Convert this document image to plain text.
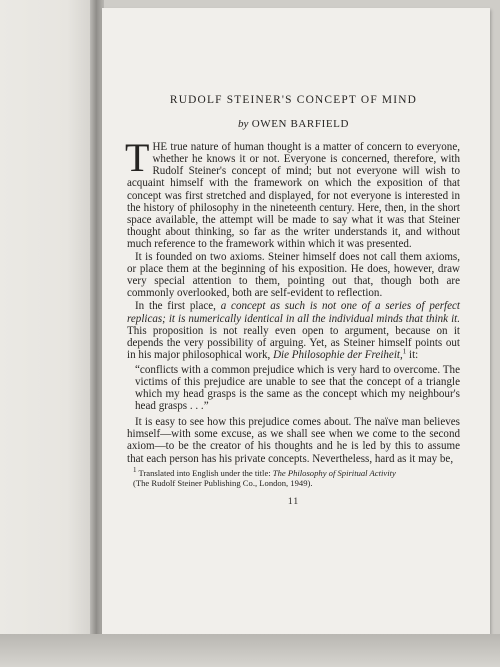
RUDOLF STEINER'S CONCEPT OF MIND
by OWEN BARFIELD

THE true nature of human thought is a matter of concern to everyone, whether he knows it or not. Everyone is concerned, therefore, with Rudolf Steiner's concept of mind; but not everyone will wish to acquaint himself with the framework on which the exposition of that concept was first stretched and displayed, for not everyone is interested in the history of philosophy in the nineteenth century. Here, then, in the short space available, the attempt will be made to say what it was that Steiner thought about thinking, so far as the writer understands it, and without much reference to the framework within which it was presented.

It is founded on two axioms. Steiner himself does not call them axioms, or place them at the beginning of his exposition. He does, however, draw very special attention to them, pointing out that, though both are commonly overlooked, both are self-evident to reflection.

In the first place, a concept as such is not one of a series of perfect replicas; it is numerically identical in all the individual minds that think it. This proposition is not really even open to argument, because on it depends the very possibility of arguing. Yet, as Steiner himself points out in his major philosophical work, Die Philosophie der Freiheit,$^1$ it:

“conflicts with a common prejudice which is very hard to overcome. The victims of this prejudice are unable to see that the concept of a triangle which my head grasps is the same as the concept which my neighbour's head grasps . . .”

It is easy to see how this prejudice comes about. The naïve man believes himself—with some excuse, as we shall see when we come to the second axiom—to be the creator of his thoughts and he is led by this to assume that each person has his private concepts. Nevertheless, hard as it may be,

$^1$ Translated into English under the title: The Philosophy of Spiritual Activity
(The Rudolf Steiner Publishing Co., London, 1949).
11
